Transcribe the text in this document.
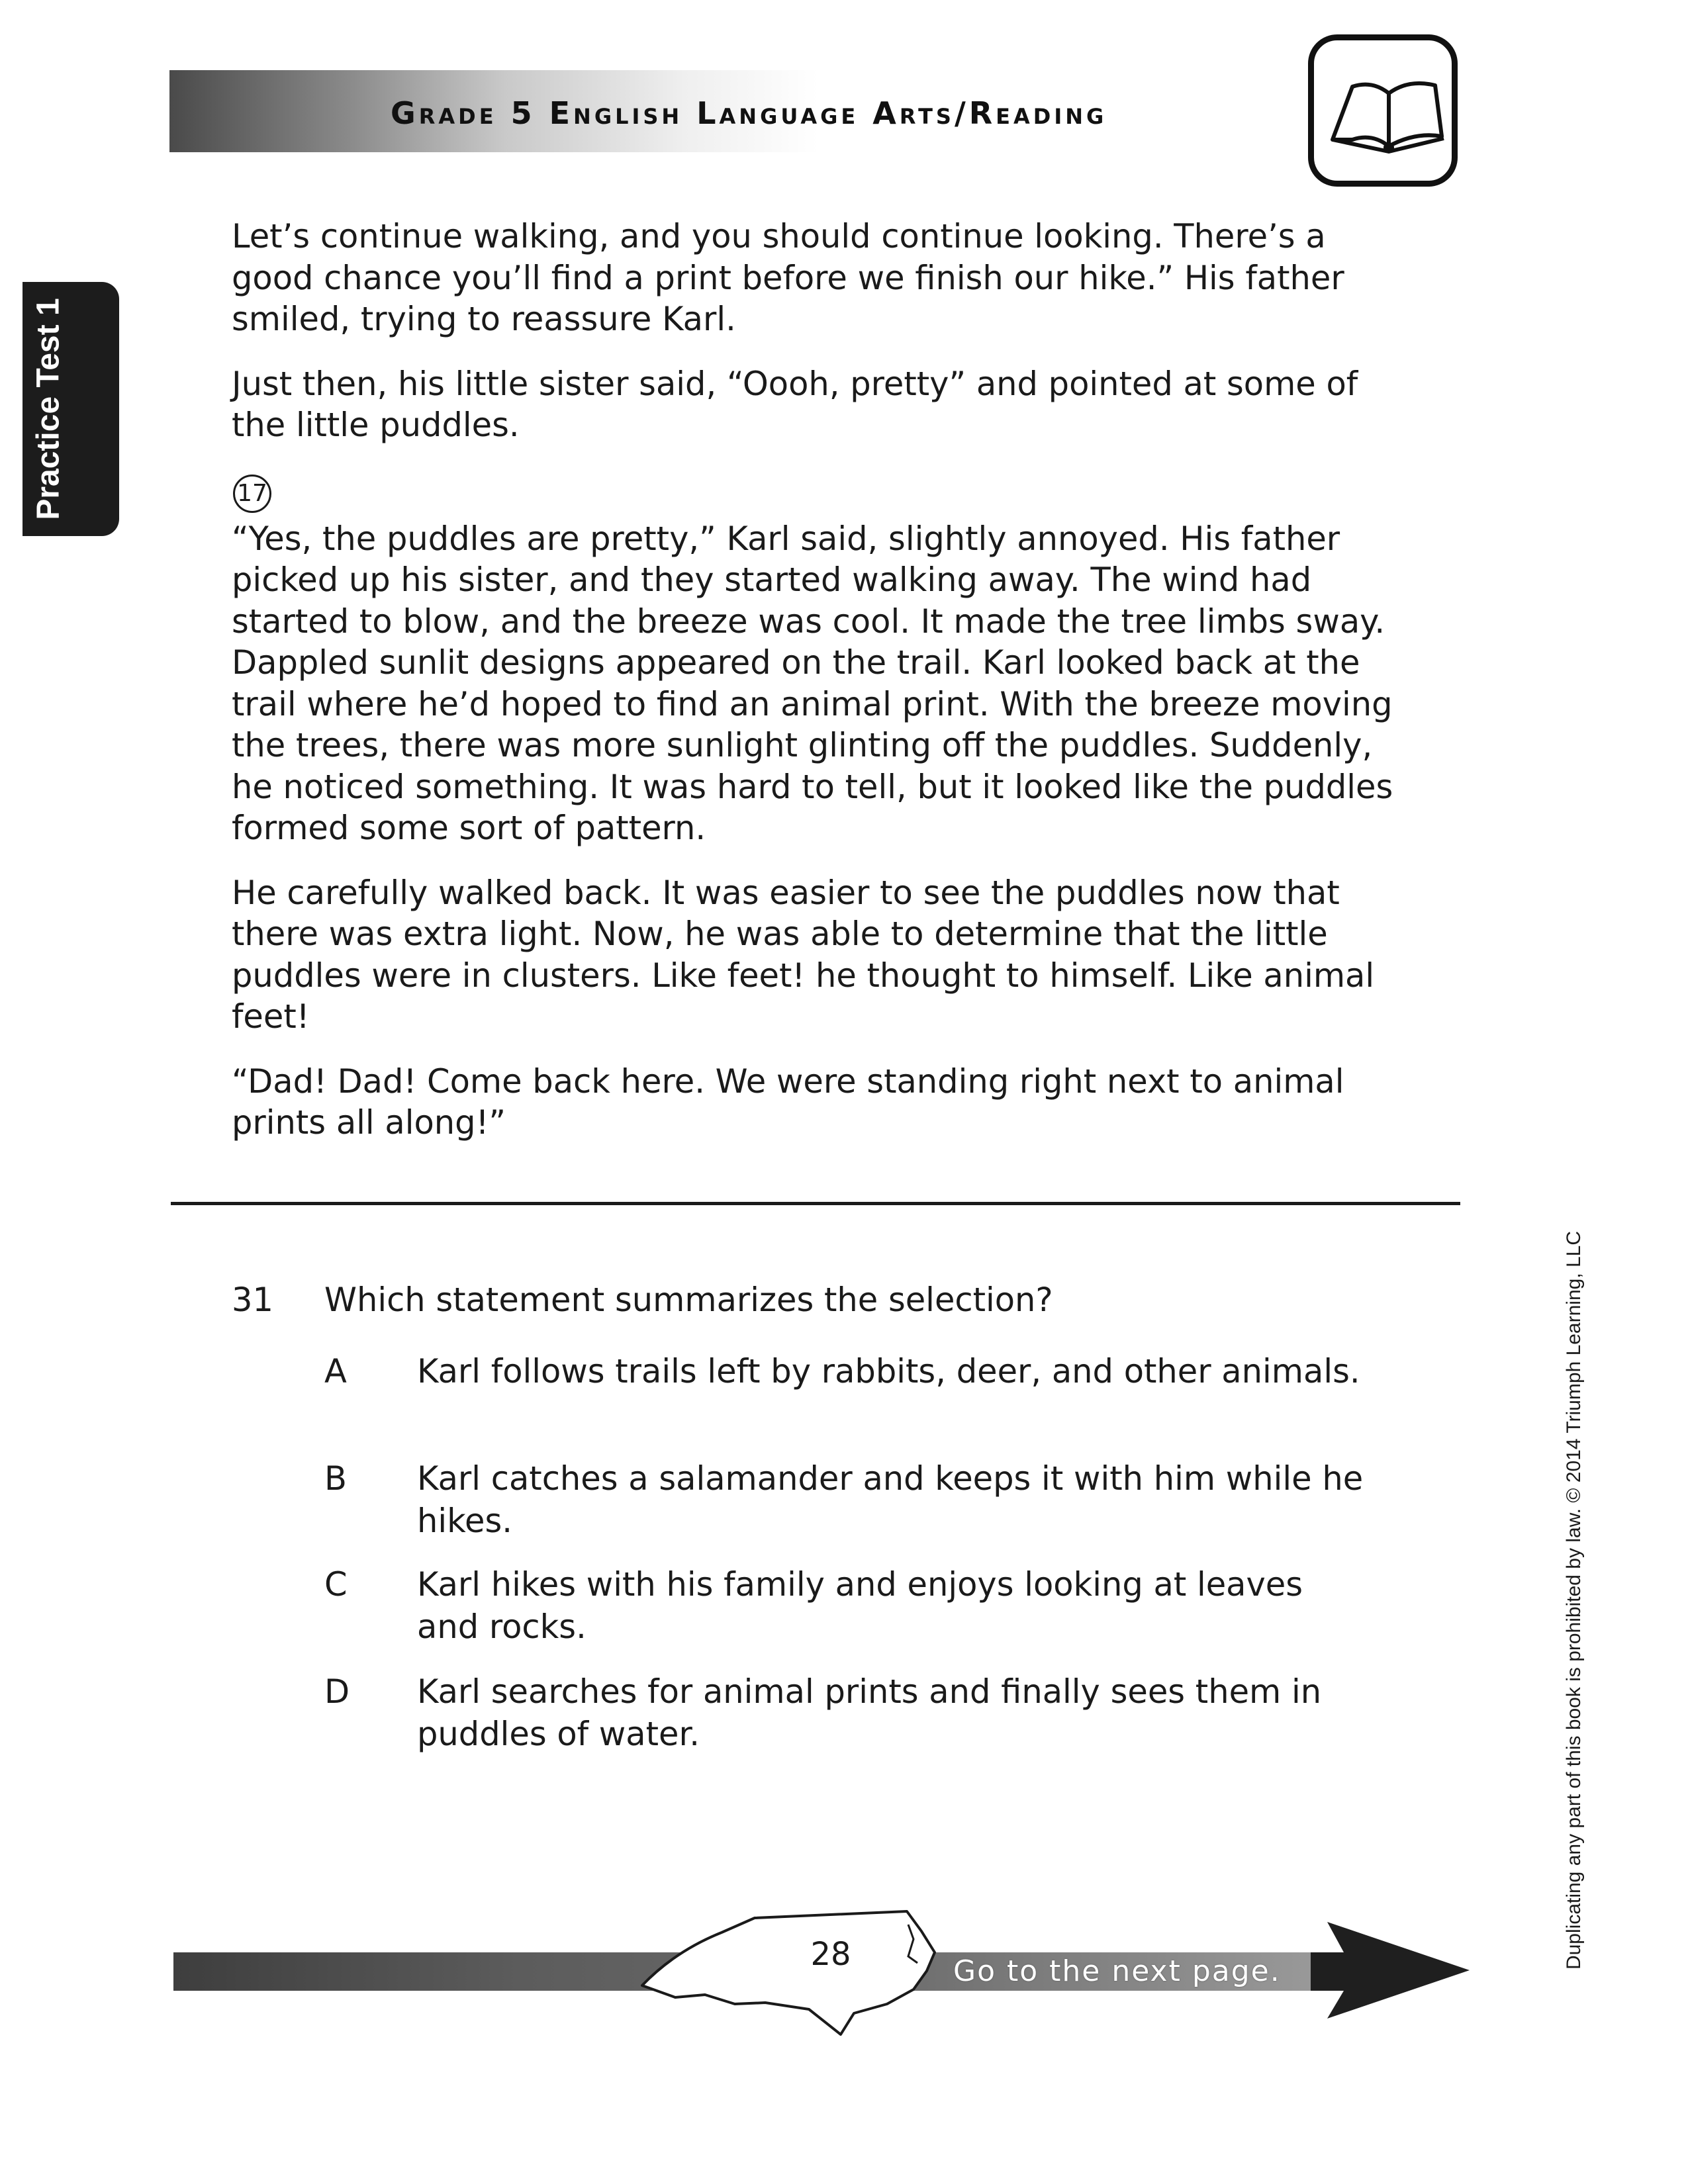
Grade 5 English Language Arts/Reading
Practice Test 1

Let’s continue walking, and you should continue looking. There’s a good chance you’ll find a print before we finish our hike.” His father smiled, trying to reassure Karl.

Just then, his little sister said, “Oooh, pretty” and pointed at some of the little puddles.

17

“Yes, the puddles are pretty,” Karl said, slightly annoyed. His father picked up his sister, and they started walking away. The wind had started to blow, and the breeze was cool. It made the tree limbs sway. Dappled sunlit designs appeared on the trail. Karl looked back at the trail where he’d hoped to find an animal print. With the breeze moving the trees, there was more sunlight glinting off the puddles. Suddenly, he noticed something. It was hard to tell, but it looked like the puddles formed some sort of pattern.

He carefully walked back. It was easier to see the puddles now that there was extra light. Now, he was able to determine that the little puddles were in clusters. Like feet! he thought to himself. Like animal feet!

“Dad! Dad! Come back here. We were standing right next to animal prints all along!”

31 Which statement summarizes the selection?
A	Karl follows trails left by rabbits, deer, and other animals.
B	Karl catches a salamander and keeps it with him while he hikes.
C	Karl hikes with his family and enjoys looking at leaves and rocks.
D	Karl searches for animal prints and finally sees them in puddles of water.	Duplicating any part of this book is prohibited by law. © 2014 Triumph Learning, LLC
28	Go to the next page.
